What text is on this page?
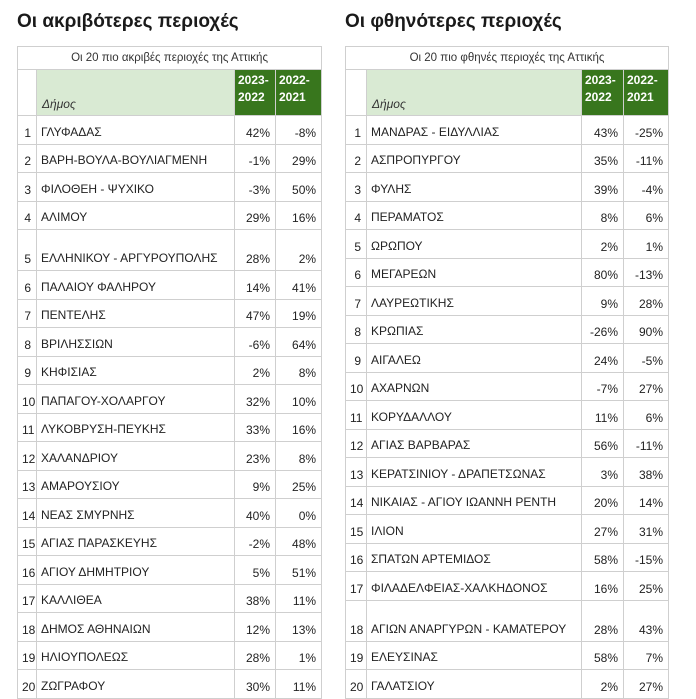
Οι ακριβότερες περιοχές
Οι 20 πιο ακριβές περιοχές της Αττικής			
	Δήμος	2023-2022	2022-2021
1	ΓΛΥΦΑΔΑΣ	42%	-8%
2	ΒΑΡΗ-ΒΟΥΛΑ-ΒΟΥΛΙΑΓΜΕΝΗ	-1%	29%
3	ΦΙΛΟΘΕΗ - ΨΥΧΙΚΟ	-3%	50%
4	ΑΛΙΜΟΥ	29%	16%
5	ΕΛΛΗΝΙΚΟΥ - ΑΡΓΥΡΟΥΠΟΛΗΣ	28%	2%
6	ΠΑΛΑΙΟΥ ΦΑΛΗΡΟΥ	14%	41%
7	ΠΕΝΤΕΛΗΣ	47%	19%
8	ΒΡΙΛΗΣΣΙΩΝ	-6%	64%
9	ΚΗΦΙΣΙΑΣ	2%	8%
10	ΠΑΠΑΓΟΥ-ΧΟΛΑΡΓΟΥ	32%	10%
11	ΛΥΚΟΒΡΥΣΗ-ΠΕΥΚΗΣ	33%	16%
12	ΧΑΛΑΝΔΡΙΟΥ	23%	8%
13	ΑΜΑΡΟΥΣΙΟΥ	9%	25%
14	ΝΕΑΣ ΣΜΥΡΝΗΣ	40%	0%
15	ΑΓΙΑΣ ΠΑΡΑΣΚΕΥΗΣ	-2%	48%
16	ΑΓΙΟΥ ΔΗΜΗΤΡΙΟΥ	5%	51%
17	ΚΑΛΛΙΘΕΑ	38%	11%
18	ΔΗΜΟΣ ΑΘΗΝΑΙΩΝ	12%	13%
19	ΗΛΙΟΥΠΟΛΕΩΣ	28%	1%
20	ΖΩΓΡΑΦΟΥ	30%	11%
Οι φθηνότερες περιοχές
Οι 20 πιο φθηνές περιοχές της Αττικής			
	Δήμος	2023-2022	2022-2021
1	ΜΑΝΔΡΑΣ - ΕΙΔΥΛΛΙΑΣ	43%	-25%
2	ΑΣΠΡΟΠΥΡΓΟΥ	35%	-11%
3	ΦΥΛΗΣ	39%	-4%
4	ΠΕΡΑΜΑΤΟΣ	8%	6%
5	ΩΡΩΠΟΥ	2%	1%
6	ΜΕΓΑΡΕΩΝ	80%	-13%
7	ΛΑΥΡΕΩΤΙΚΗΣ	9%	28%
8	ΚΡΩΠΙΑΣ	-26%	90%
9	ΑΙΓΑΛΕΩ	24%	-5%
10	ΑΧΑΡΝΩΝ	-7%	27%
11	ΚΟΡΥΔΑΛΛΟΥ	11%	6%
12	ΑΓΙΑΣ ΒΑΡΒΑΡΑΣ	56%	-11%
13	ΚΕΡΑΤΣΙΝΙΟΥ - ΔΡΑΠΕΤΣΩΝΑΣ	3%	38%
14	ΝΙΚΑΙΑΣ - ΑΓΙΟΥ ΙΩΑΝΝΗ ΡΕΝΤΗ	20%	14%
15	ΙΛΙΟΝ	27%	31%
16	ΣΠΑΤΩΝ ΑΡΤΕΜΙΔΟΣ	58%	-15%
17	ΦΙΛΑΔΕΛΦΕΙΑΣ-ΧΑΛΚΗΔΟΝΟΣ	16%	25%
18	ΑΓΙΩΝ ΑΝΑΡΓΥΡΩΝ - ΚΑΜΑΤΕΡΟΥ	28%	43%
19	ΕΛΕΥΣΙΝΑΣ	58%	7%
20	ΓΑΛΑΤΣΙΟΥ	2%	27%
